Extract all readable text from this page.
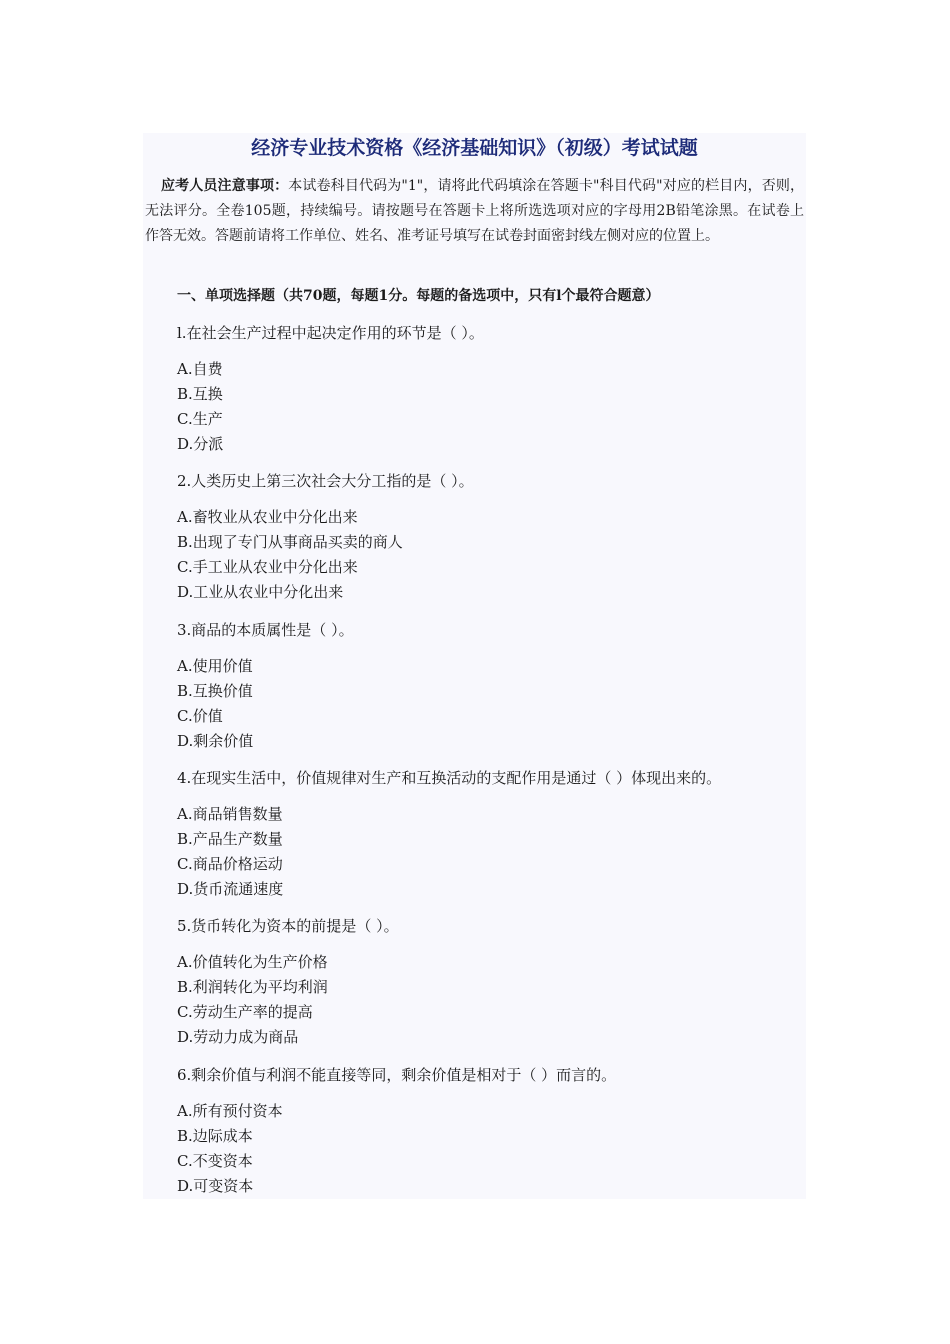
经济专业技术资格《经济基础知识》（初级）考试试题

应考人员注意事项：本试卷科目代码为"1"，请将此代码填涂在答题卡"科目代码"对应的栏目内，否则，无法评分。全卷105题，持续编号。请按题号在答题卡上将所选选项对应的字母用2B铅笔涂黑。在试卷上作答无效。答题前请将工作单位、姓名、准考证号填写在试卷封面密封线左侧对应的位置上。

一、单项选择题（共70题，每题1分。每题的备选项中，只有l个最符合题意）

l.在社会生产过程中起决定作用的环节是（ ）。

A.自费
B.互换
C.生产
D.分派

2.人类历史上第三次社会大分工指的是（ ）。

A.畜牧业从农业中分化出来
B.出现了专门从事商品买卖的商人
C.手工业从农业中分化出来
D.工业从农业中分化出来

3.商品的本质属性是（ ）。

A.使用价值
B.互换价值
C.价值
D.剩余价值

4.在现实生活中，价值规律对生产和互换活动的支配作用是通过（ ）体现出来的。

A.商品销售数量
B.产品生产数量
C.商品价格运动
D.货币流通速度

5.货币转化为资本的前提是（ ）。

A.价值转化为生产价格
B.利润转化为平均利润
C.劳动生产率的提高
D.劳动力成为商品

6.剩余价值与利润不能直接等同，剩余价值是相对于（ ）而言的。

A.所有预付资本
B.边际成本
C.不变资本
D.可变资本
